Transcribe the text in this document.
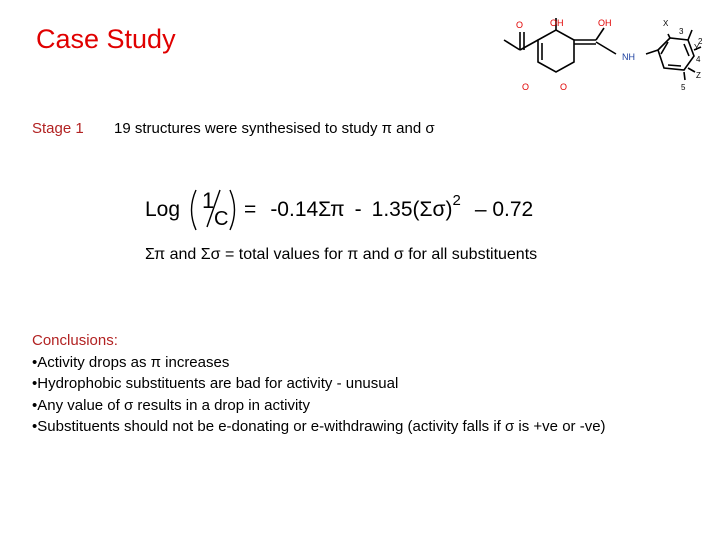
Case Study	O	OH	OH
O	O
NH
X
Y
Z
2
3
4
5
Stage 1 19 structures were synthesised to study π and σ
Log 1
C = -0.14Σπ - 1.35(Σσ) 2 – 0.72
Σπ and Σσ = total values for π and σ for all substituents
Conclusions:
•Activity drops as π increases
•Hydrophobic substituents are bad for activity - unusual
•Any value of σ results in a drop in activity
•Substituents should not be e-donating or e-withdrawing (activity falls if σ is +ve or -ve)
